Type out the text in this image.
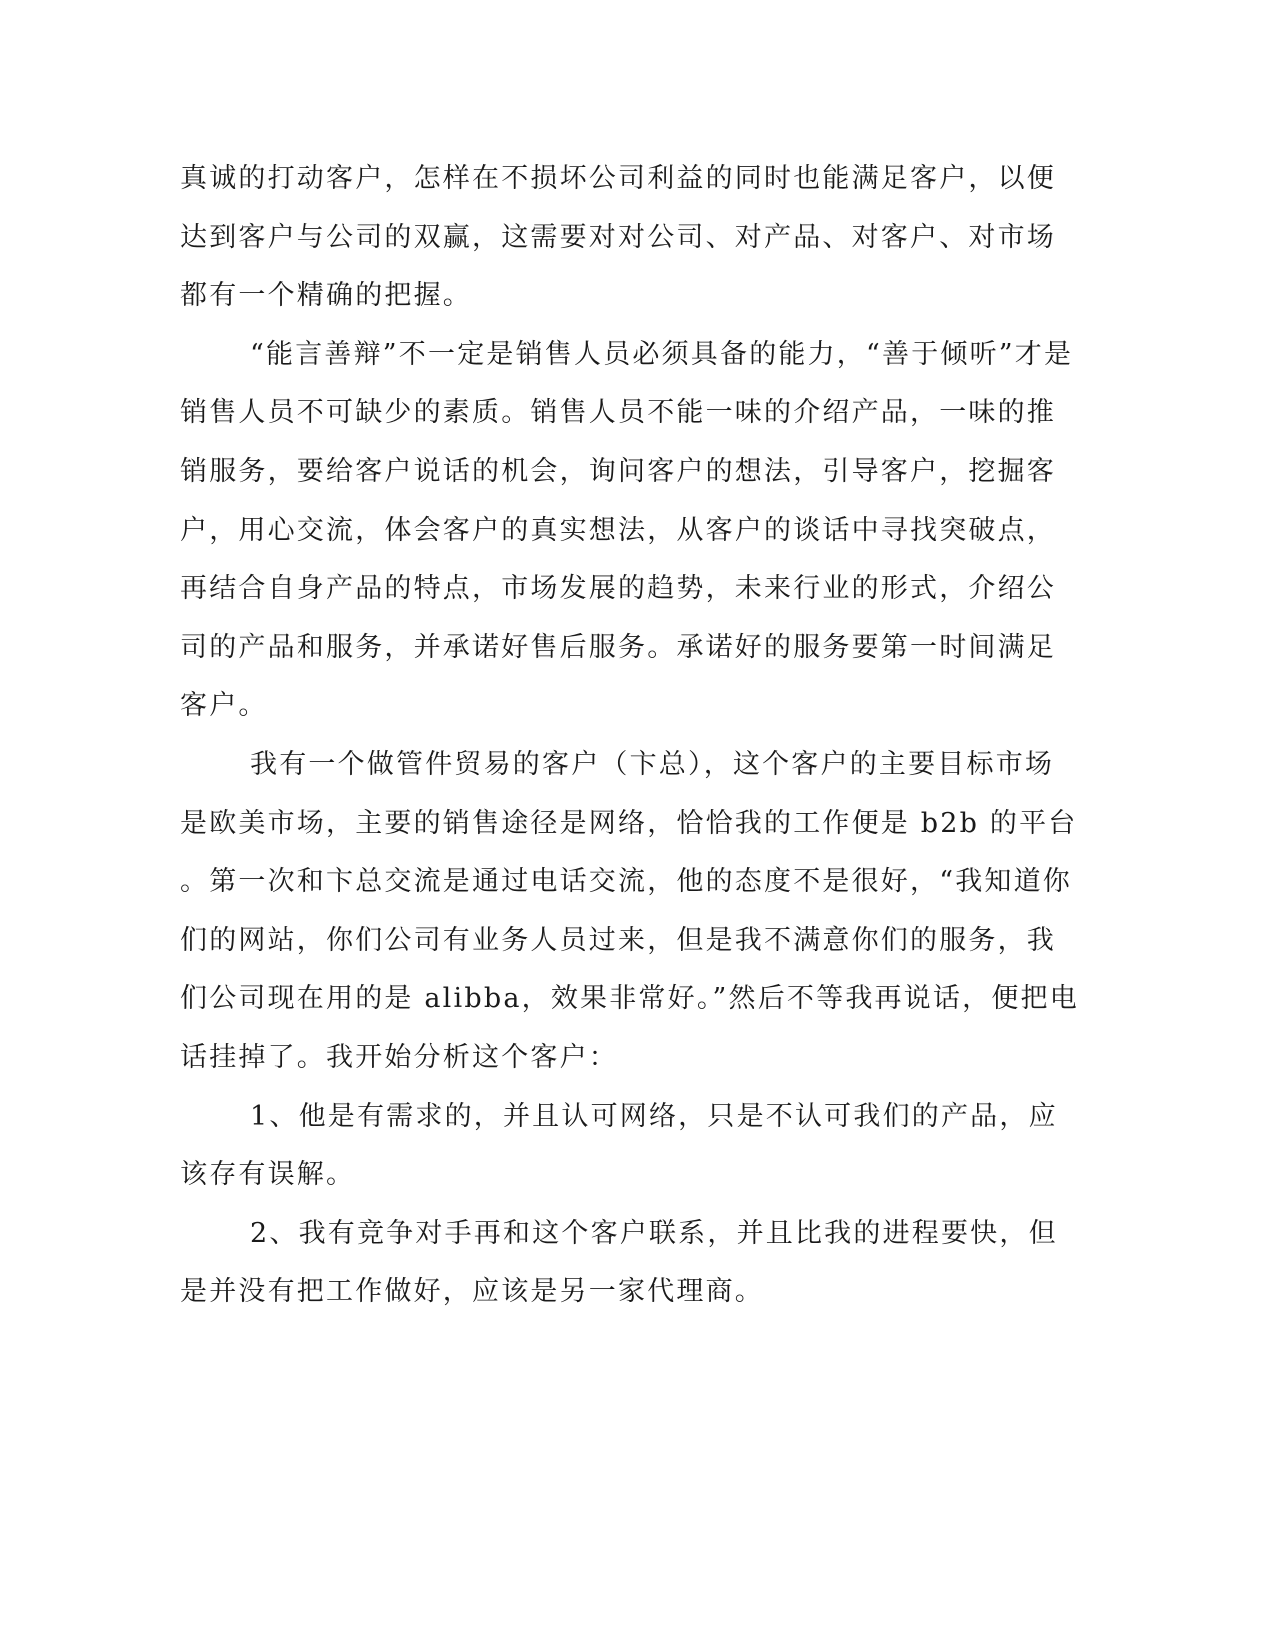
真诚的打动客户，怎样在不损坏公司利益的同时也能满足客户，以便
达到客户与公司的双赢，这需要对对公司、对产品、对客户、对市场
都有一个精确的把握。
“能言善辩”不一定是销售人员必须具备的能力，“善于倾听”才是
销售人员不可缺少的素质。销售人员不能一味的介绍产品，一味的推
销服务，要给客户说话的机会，询问客户的想法，引导客户，挖掘客
户，用心交流，体会客户的真实想法，从客户的谈话中寻找突破点，
再结合自身产品的特点，市场发展的趋势，未来行业的形式，介绍公
司的产品和服务，并承诺好售后服务。承诺好的服务要第一时间满足
客户。
我有一个做管件贸易的客户（卞总），这个客户的主要目标市场
是欧美市场，主要的销售途径是网络，恰恰我的工作便是 b2b 的平台
。第一次和卞总交流是通过电话交流，他的态度不是很好，“我知道你
们的网站，你们公司有业务人员过来，但是我不满意你们的服务，我
们公司现在用的是 alibba，效果非常好。”然后不等我再说话，便把电
话挂掉了。我开始分析这个客户：
1、他是有需求的，并且认可网络，只是不认可我们的产品，应
该存有误解。
2、我有竞争对手再和这个客户联系，并且比我的进程要快，但
是并没有把工作做好，应该是另一家代理商。
